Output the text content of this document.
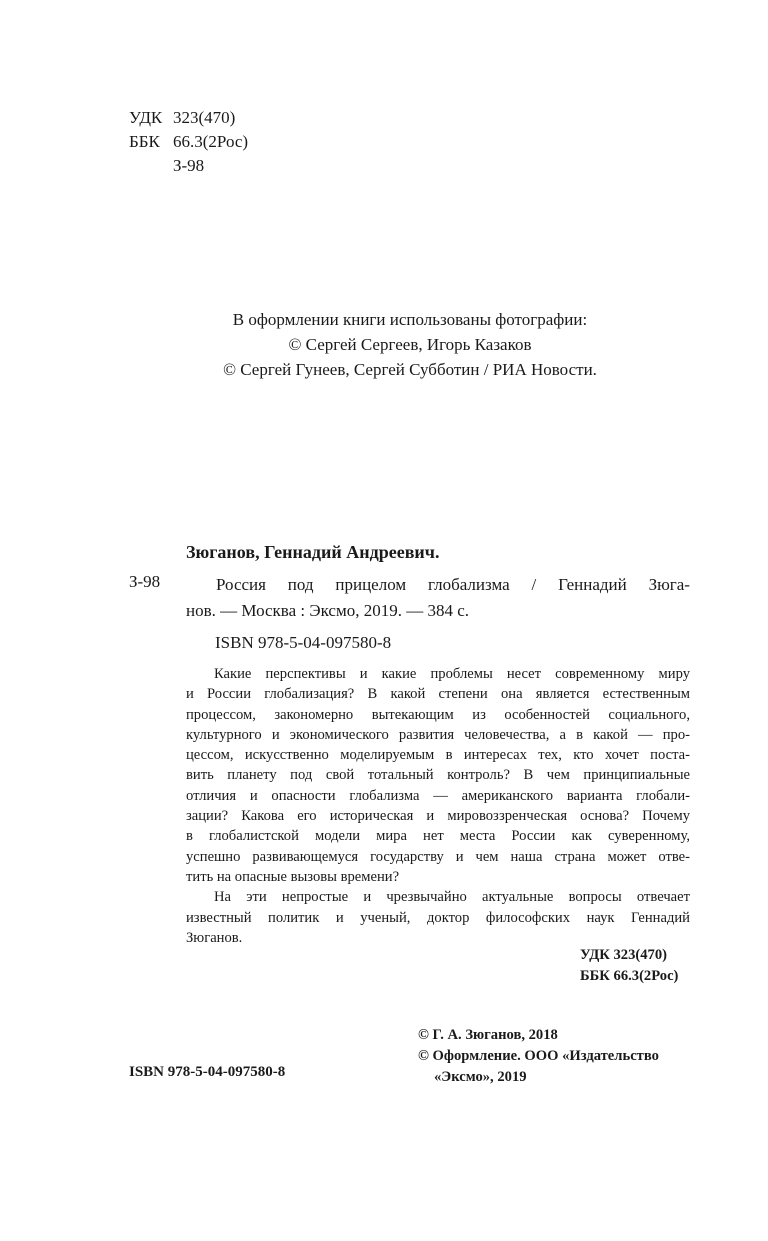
УДК 323(470)
ББК 66.3(2Рос)
З-98
В оформлении книги использованы фотографии:
© Сергей Сергеев, Игорь Казаков
© Сергей Гунеев, Сергей Субботин / РИА Новости.
Зюганов, Геннадий Андреевич.
З-98	Россия под прицелом глобализма / Геннадий Зюга-
нов. — Москва : Эксмо, 2019. — 384 с.
ISBN 978-5-04-097580-8
Какие перспективы и какие проблемы несет современному миру
и России глобализация? В какой степени она является естественным
процессом, закономерно вытекающим из особенностей социального,
культурного и экономического развития человечества, а в какой — про-
цессом, искусственно моделируемым в интересах тех, кто хочет поста-
вить планету под свой тотальный контроль? В чем принципиальные
отличия и опасности глобализма — американского варианта глобали-
зации? Какова его историческая и мировоззренческая основа? Почему
в глобалистской модели мира нет места России как суверенному,
успешно развивающемуся государству и чем наша страна может отве-
тить на опасные вызовы времени?
На эти непростые и чрезвычайно актуальные вопросы отвечает
известный политик и ученый, доктор философских наук Геннадий
Зюганов.
УДК 323(470)
ББК 66.3(2Рос)
© Г. А. Зюганов, 2018
© Оформление. ООО «Издательство
«Эксмо», 2019
ISBN 978-5-04-097580-8
